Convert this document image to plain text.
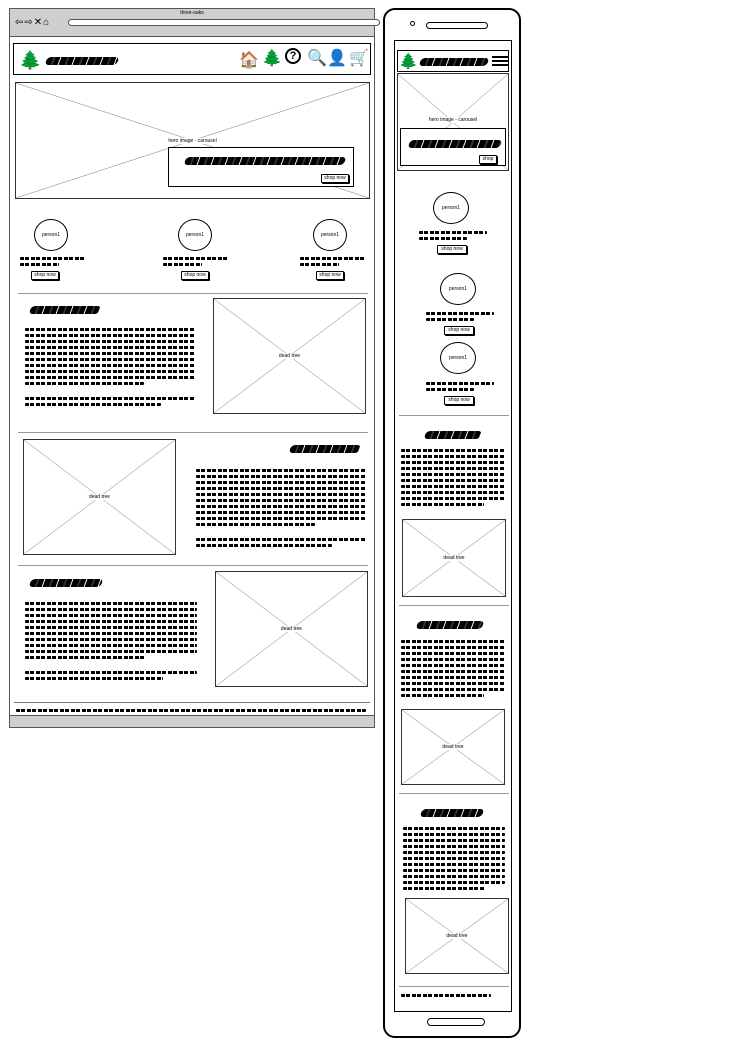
three-oaks
⇦⇨✕⌂
🌲	🏠 🌲 ? 🔍 👤 🛒
hero image - carousel
shop now
person1
shop now
person1
shop now
person1
shop now
dead tree
dead tree
dead tree
🌲
hero image - carousel
shop
person1
shop now
person1
shop now
person1
shop now
dead tree
dead tree
dead tree
